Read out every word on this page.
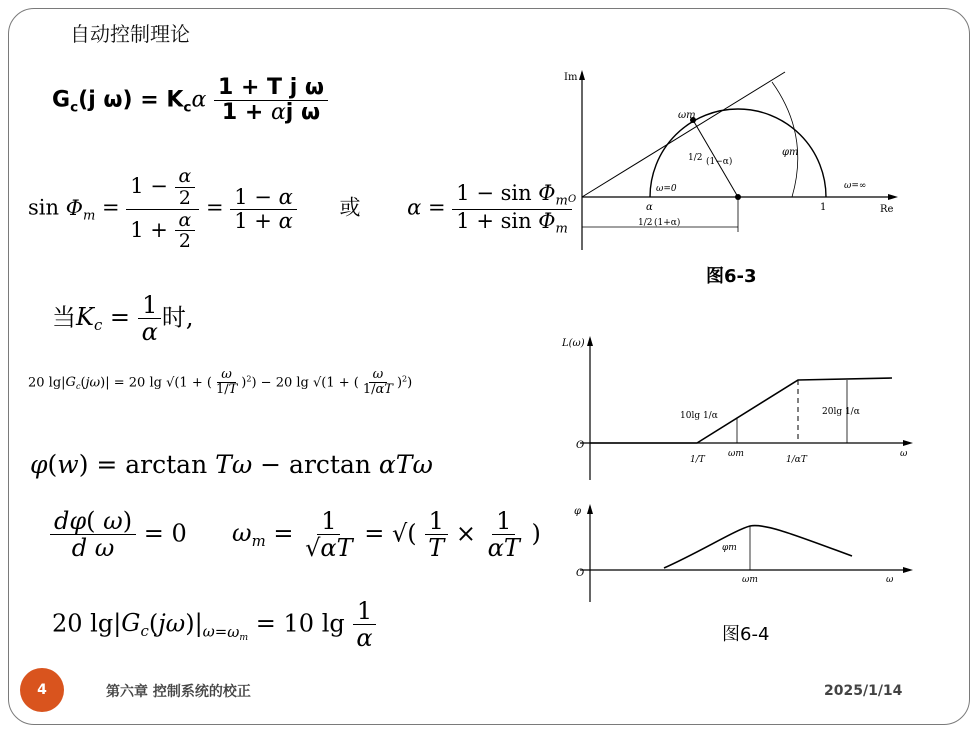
自动控制理论
$G_c(j$ $\omega) = K_c\alpha \frac{\text{1 + T j ω}}{\text{1 + αj ω}}$
$\sin \Phi_m = \frac{1 - \frac{\alpha}{2}}{1 + \frac{\alpha}{2}} = \frac{1 - \alpha}{1 + \alpha}$ 或 $\alpha = \frac{1 - \sin \Phi_m}{1 + \sin \Phi_m}$
当$K_c = \frac{1}{\alpha}$ 时,
20 $\lg|G_c(j\omega)| = 20$ lg √(1 + ( $\frac{\omega}{1/T} )^2) - 20$ lg √(1 + ( $\frac{\omega}{1/\alpha T} )^2$)
φ(w) = arctan Tω − arctan αTω
$\frac{d\varphi( \omega)}{\text{d ω}} = 0$  $\omega_m = \frac{1}{√\alpha T}$ = √( $\frac{1}{T} \times \frac{1}{\alpha T}$ )
20 $\lg|G_c(j\omega)|_{\omega=\omega_m} = 10$ $\lg \frac{1}{\alpha}$
Im
O
α	1	Re
ωm
φm
ω=0	ω=∞
1/2 (1−α)
1/2 (1+α)
图6-3
L(ω)
O
10lg 1/α	20lg 1/α
1/T
ωm
1/αT
ω
φ
O
φm
ωm	ω
图6-4
4	第六章 控制系统的校正	2025/1/14
